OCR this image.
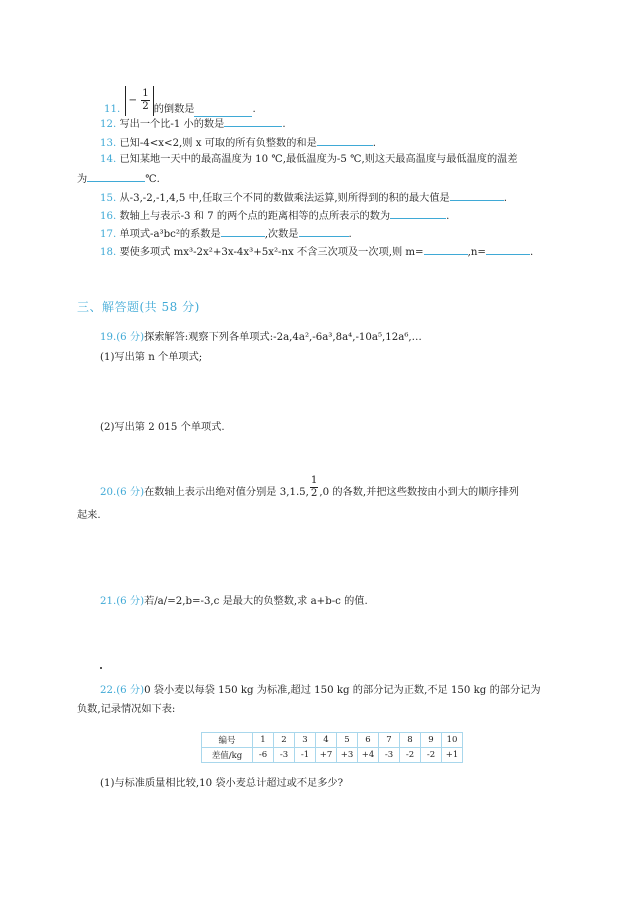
11. − $\frac{1}{2}$ 的倒数是	.
12. 写出一个比-1 小的数是	.
13. 已知-4<x<2,则 x 可取的所有负整数的和是	.
14. 已知某地一天中的最高温度为 10 ℃,最低温度为-5 ℃,则这天最高温度与最低温度的温差
为	℃.
15. 从-3,-2,-1,4,5 中,任取三个不同的数做乘法运算,则所得到的积的最大值是	.
16. 数轴上与表示-3 和 7 的两个点的距离相等的点所表示的数为	.
17. 单项式-a³bc²的系数是	,次数是	.
18. 要使多项式 mx³-2x²+3x-4x³+5x²-nx 不含三次项及一次项,则 m=	,n=	.
三、解答题(共 58 分)
19.(6 分)探索解答:观察下列各单项式:-2a,4a²,-6a³,8a⁴,-10a⁵,12a⁶,…
(1)写出第 n 个单项式;
(2)写出第 2 015 个单项式.
20.(6 分)在数轴上表示出绝对值分别是 3,1.5, $\frac{1}{2} ,0$ 的各数,并把这些数按由小到大的顺序排列
起来.
21.(6 分)若/a/=2,b=-3,c 是最大的负整数,求 a+b-c 的值.
22.(6 分)0 袋小麦以每袋 150 kg 为标准,超过 150 kg 的部分记为正数,不足 150 kg 的部分记为
负数,记录情况如下表:
编号	1	2	3	4	5	6	7	8	9	10
差值/kg	-6	-3	-1	+7	+3	+4	-3	-2	-2	+1
(1)与标准质量相比较,10 袋小麦总计超过或不足多少?
